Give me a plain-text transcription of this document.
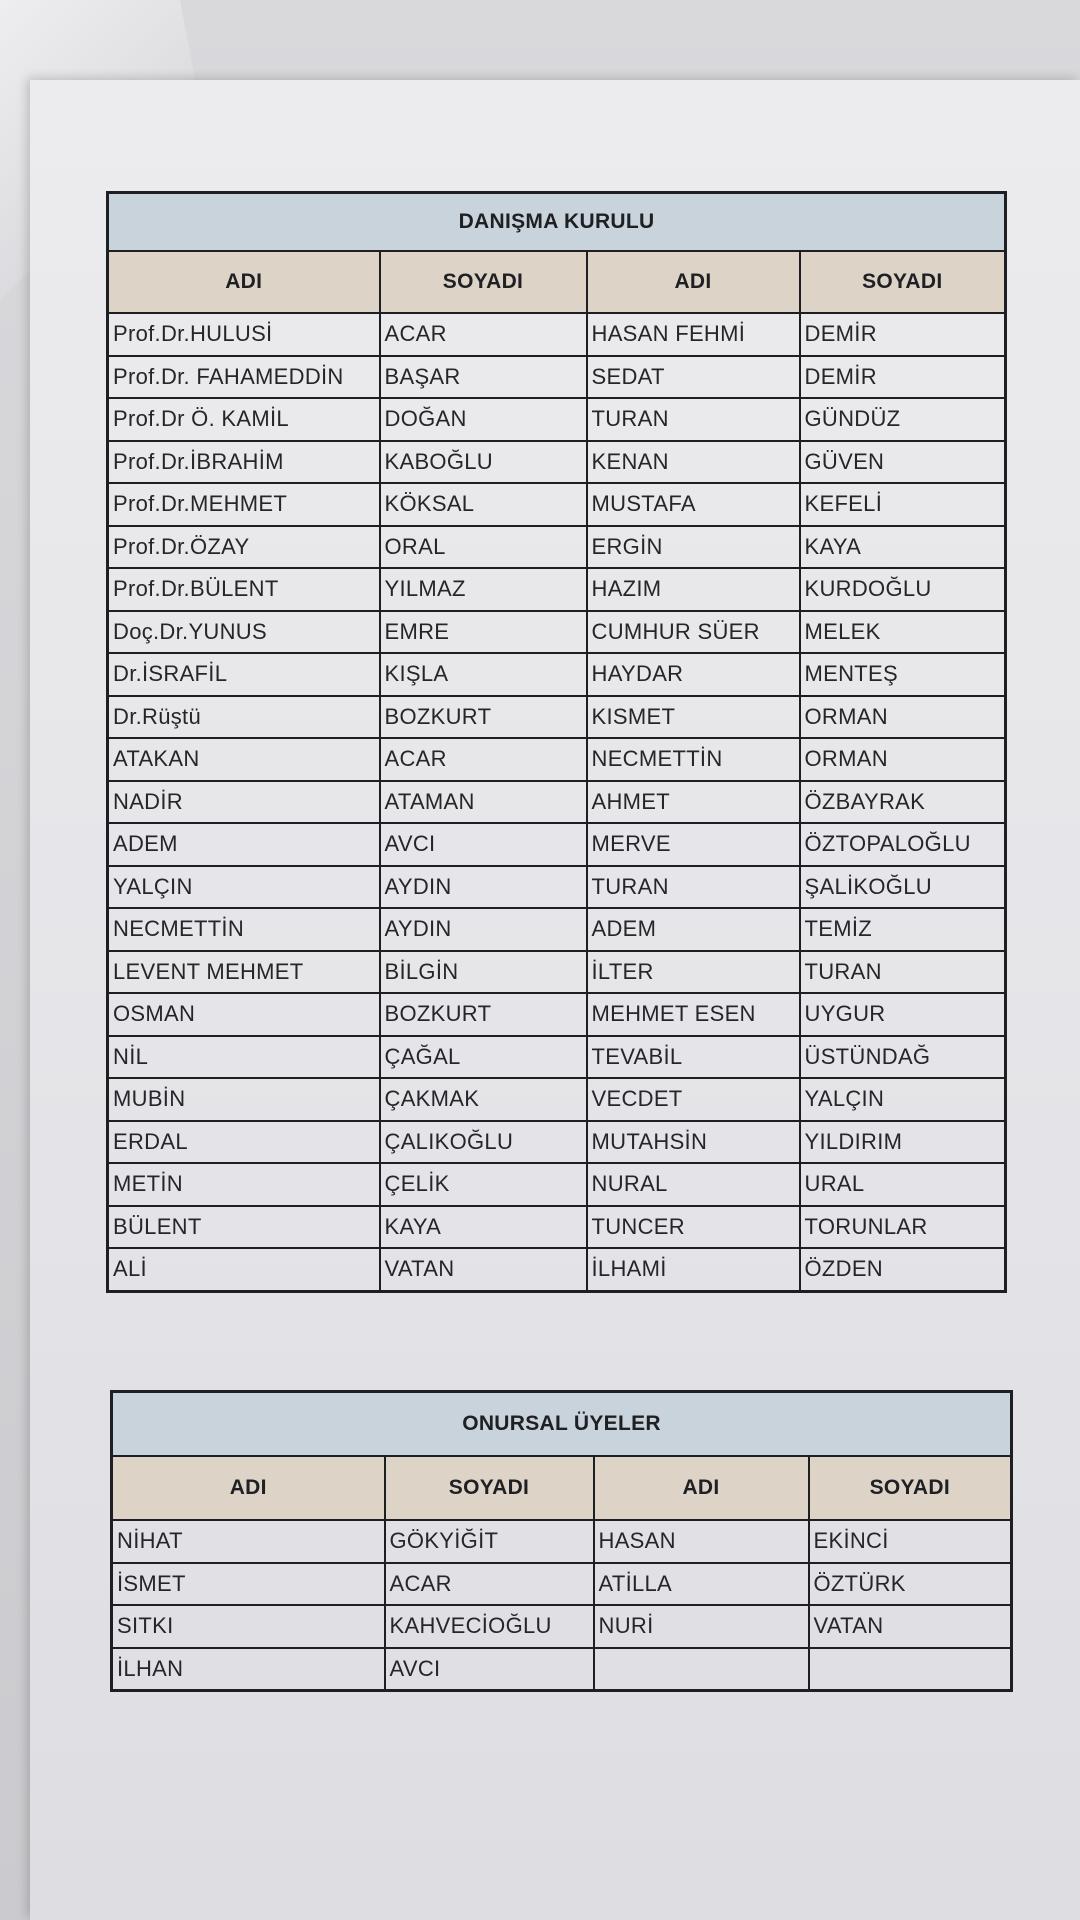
DANIŞMA KURULU			
ADI	SOYADI	ADI	SOYADI
Prof.Dr.HULUSİ	ACAR	HASAN FEHMİ	DEMİR
Prof.Dr. FAHAMEDDİN	BAŞAR	SEDAT	DEMİR
Prof.Dr Ö. KAMİL	DOĞAN	TURAN	GÜNDÜZ
Prof.Dr.İBRAHİM	KABOĞLU	KENAN	GÜVEN
Prof.Dr.MEHMET	KÖKSAL	MUSTAFA	KEFELİ
Prof.Dr.ÖZAY	ORAL	ERGİN	KAYA
Prof.Dr.BÜLENT	YILMAZ	HAZIM	KURDOĞLU
Doç.Dr.YUNUS	EMRE	CUMHUR SÜER	MELEK
Dr.İSRAFİL	KIŞLA	HAYDAR	MENTEŞ
Dr.Rüştü	BOZKURT	KISMET	ORMAN
ATAKAN	ACAR	NECMETTİN	ORMAN
NADİR	ATAMAN	AHMET	ÖZBAYRAK
ADEM	AVCI	MERVE	ÖZTOPALOĞLU
YALÇIN	AYDIN	TURAN	ŞALİKOĞLU
NECMETTİN	AYDIN	ADEM	TEMİZ
LEVENT MEHMET	BİLGİN	İLTER	TURAN
OSMAN	BOZKURT	MEHMET ESEN	UYGUR
NİL	ÇAĞAL	TEVABİL	ÜSTÜNDAĞ
MUBİN	ÇAKMAK	VECDET	YALÇIN
ERDAL	ÇALIKOĞLU	MUTAHSİN	YILDIRIM
METİN	ÇELİK	NURAL	URAL
BÜLENT	KAYA	TUNCER	TORUNLAR
ALİ	VATAN	İLHAMİ	ÖZDEN
ONURSAL ÜYELER			
ADI	SOYADI	ADI	SOYADI
NİHAT	GÖKYİĞİT	HASAN	EKİNCİ
İSMET	ACAR	ATİLLA	ÖZTÜRK
SITKI	KAHVECİOĞLU	NURİ	VATAN
İLHAN	AVCI		
